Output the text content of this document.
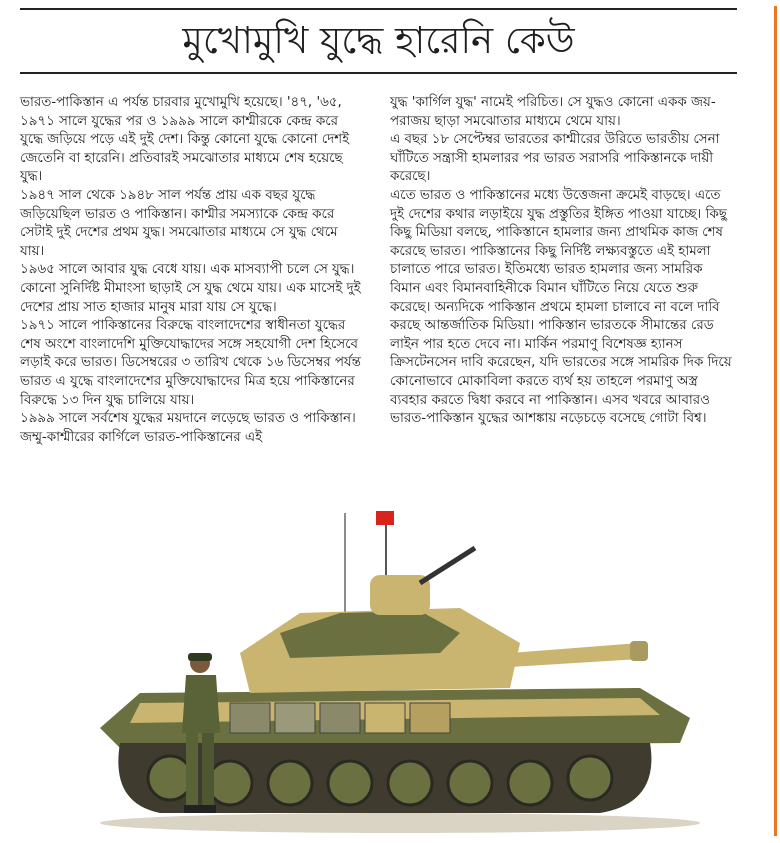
মুখোমুখি যুদ্ধে হারেনি কেউ

ভারত-পাকিস্তান এ পর্যন্ত চারবার মুখোমুখি হয়েছে। '৪৭, '৬৫, ১৯৭১ সালে যুদ্ধের পর ও ১৯৯৯ সালে কাশ্মীরকে কেন্দ্র করে যুদ্ধে জড়িয়ে পড়ে এই দুই দেশ। কিন্তু কোনো যুদ্ধে কোনো দেশই জেতেনি বা হারেনি। প্রতিবারই সমঝোতার মাধ্যমে শেষ হয়েছে যুদ্ধ।

১৯৪৭ সাল থেকে ১৯৪৮ সাল পর্যন্ত প্রায় এক বছর যুদ্ধে জড়িয়েছিল ভারত ও পাকিস্তান। কাশ্মীর সমস্যাকে কেন্দ্র করে সেটাই দুই দেশের প্রথম যুদ্ধ। সমঝোতার মাধ্যমে সে যুদ্ধ থেমে যায়।

১৯৬৫ সালে আবার যুদ্ধ বেধে যায়। এক মাসব্যাপী চলে সে যুদ্ধ। কোনো সুনির্দিষ্ট মীমাংসা ছাড়াই সে যুদ্ধ থেমে যায়। এক মাসেই দুই দেশের প্রায় সাত হাজার মানুষ মারা যায় সে যুদ্ধে।

১৯৭১ সালে পাকিস্তানের বিরুদ্ধে বাংলাদেশের স্বাধীনতা যুদ্ধের শেষ অংশে বাংলাদেশি মুক্তিযোদ্ধাদের সঙ্গে সহযোগী দেশ হিসেবে লড়াই করে ভারত। ডিসেম্বরের ৩ তারিখ থেকে ১৬ ডিসেম্বর পর্যন্ত ভারত এ যুদ্ধে বাংলাদেশের মুক্তিযোদ্ধাদের মিত্র হয়ে পাকিস্তানের বিরুদ্ধে ১৩ দিন যুদ্ধ চালিয়ে যায়।

১৯৯৯ সালে সর্বশেষ যুদ্ধের ময়দানে লড়েছে ভারত ও পাকিস্তান। জম্মু-কাশ্মীরের কার্গিলে ভারত-পাকিস্তানের এই

যুদ্ধ 'কার্গিল যুদ্ধ' নামেই পরিচিত। সে যুদ্ধও কোনো একক জয়-পরাজয় ছাড়া সমঝোতার মাধ্যমে থেমে যায়।

এ বছর ১৮ সেপ্টেম্বর ভারতের কাশ্মীরের উরিতে ভারতীয় সেনা ঘাঁটিতে সন্ত্রাসী হামলারর পর ভারত সরাসরি পাকিস্তানকে দায়ী করেছে।

এতে ভারত ও পাকিস্তানের মধ্যে উত্তেজনা ক্রমেই বাড়ছে। এতে দুই দেশের কথার লড়াইয়ে যুদ্ধ প্রস্তুতির ইঙ্গিত পাওয়া যাচ্ছে। কিছু কিছু মিডিয়া বলছে, পাকিস্তানে হামলার জন্য প্রাথমিক কাজ শেষ করেছে ভারত। পাকিস্তানের কিছু নির্দিষ্ট লক্ষ্যবস্তুতে এই হামলা চালাতে পারে ভারত। ইতিমধ্যে ভারত হামলার জন্য সামরিক বিমান এবং বিমানবাহিনীকে বিমান ঘাঁটিতে নিয়ে যেতে শুরু করেছে। অন্যদিকে পাকিস্তান প্রথমে হামলা চালাবে না বলে দাবি করছে আন্তর্জাতিক মিডিয়া। পাকিস্তান ভারতকে সীমান্তের রেড লাইন পার হতে দেবে না। মার্কিন পরমাণু বিশেষজ্ঞ হ্যানস ক্রিসটেনসেন দাবি করেছেন, যদি ভারতের সঙ্গে সামরিক দিক দিয়ে কোনোভাবে মোকাবিলা করতে ব্যর্থ হয় তাহলে পরমাণু অস্ত্র ব্যবহার করতে দ্বিধা করবে না পাকিস্তান। এসব খবরে আবারও ভারত-পাকিস্তান যুদ্ধের আশঙ্কায় নড়েচড়ে বসেছে গোটা বিশ্ব।
